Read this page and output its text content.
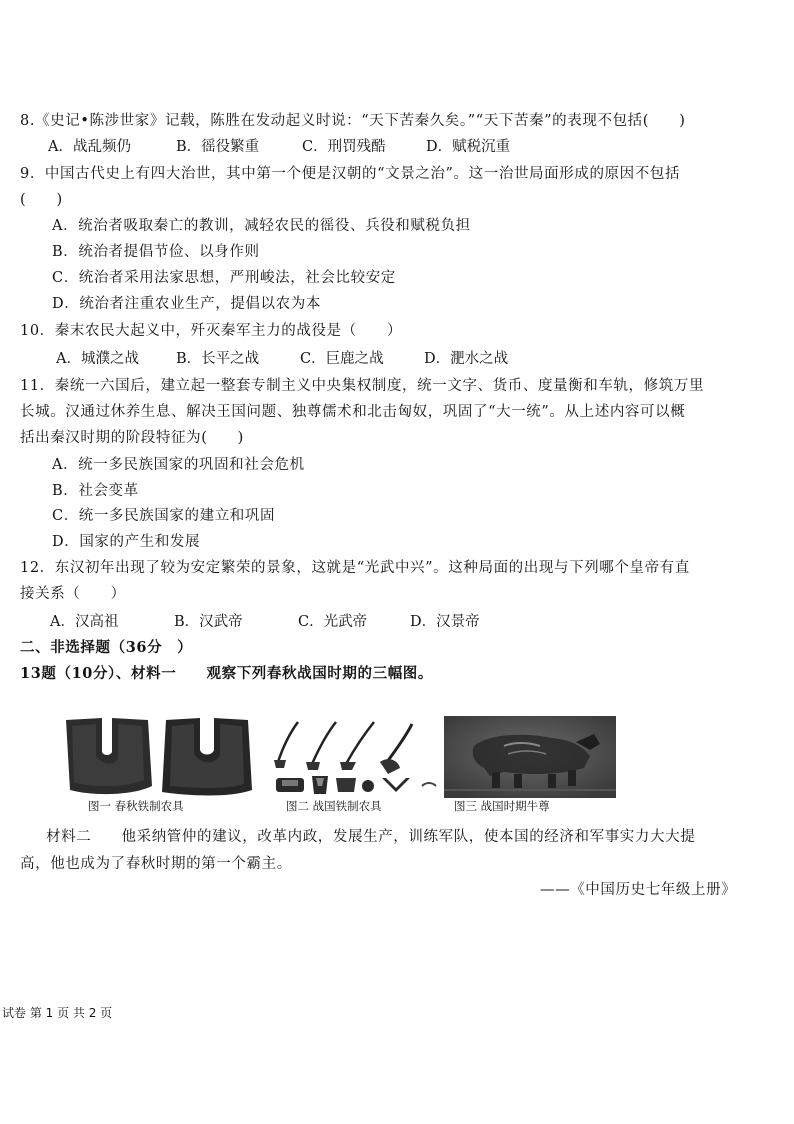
8.《史记•陈涉世家》记载，陈胜在发动起义时说：“天下苦秦久矣。”“天下苦秦”的表现不包括(　　)
A．战乱频仍	B．徭役繁重	C．刑罚残酷	D．赋税沉重
9．中国古代史上有四大治世，其中第一个便是汉朝的“文景之治”。这一治世局面形成的原因不包括
(　　)
A．统治者吸取秦亡的教训，减轻农民的徭役、兵役和赋税负担
B．统治者提倡节俭、以身作则
C．统治者采用法家思想，严刑峻法，社会比较安定
D．统治者注重农业生产，提倡以农为本
10．秦末农民大起义中，歼灭秦军主力的战役是（　　）
A．城濮之战	B．长平之战	C．巨鹿之战	D．淝水之战
11．秦统一六国后，建立起一整套专制主义中央集权制度，统一文字、货币、度量衡和车轨，修筑万里
长城。汉通过休养生息、解决王国问题、独尊儒术和北击匈奴，巩固了“大一统”。从上述内容可以概
括出秦汉时期的阶段特征为(　　)
A．统一多民族国家的巩固和社会危机
B．社会变革
C．统一多民族国家的建立和巩固
D．国家的产生和发展
12．东汉初年出现了较为安定繁荣的景象，这就是“光武中兴”。这种局面的出现与下列哪个皇帝有直
接关系（　　）
A．汉高祖	B．汉武帝	C．光武帝	D．汉景帝
二、非选择题（36分　）
13题（10分）、材料一　　观察下列春秋战国时期的三幅图。
图一 春秋铁制农具	图二 战国铁制农具	图三 战国时期牛尊
材料二　　他采纳管仲的建议，改革内政，发展生产，训练军队，使本国的经济和军事实力大大提
高，他也成为了春秋时期的第一个霸主。
——《中国历史七年级上册》
试卷 第 1 页 共 2 页
